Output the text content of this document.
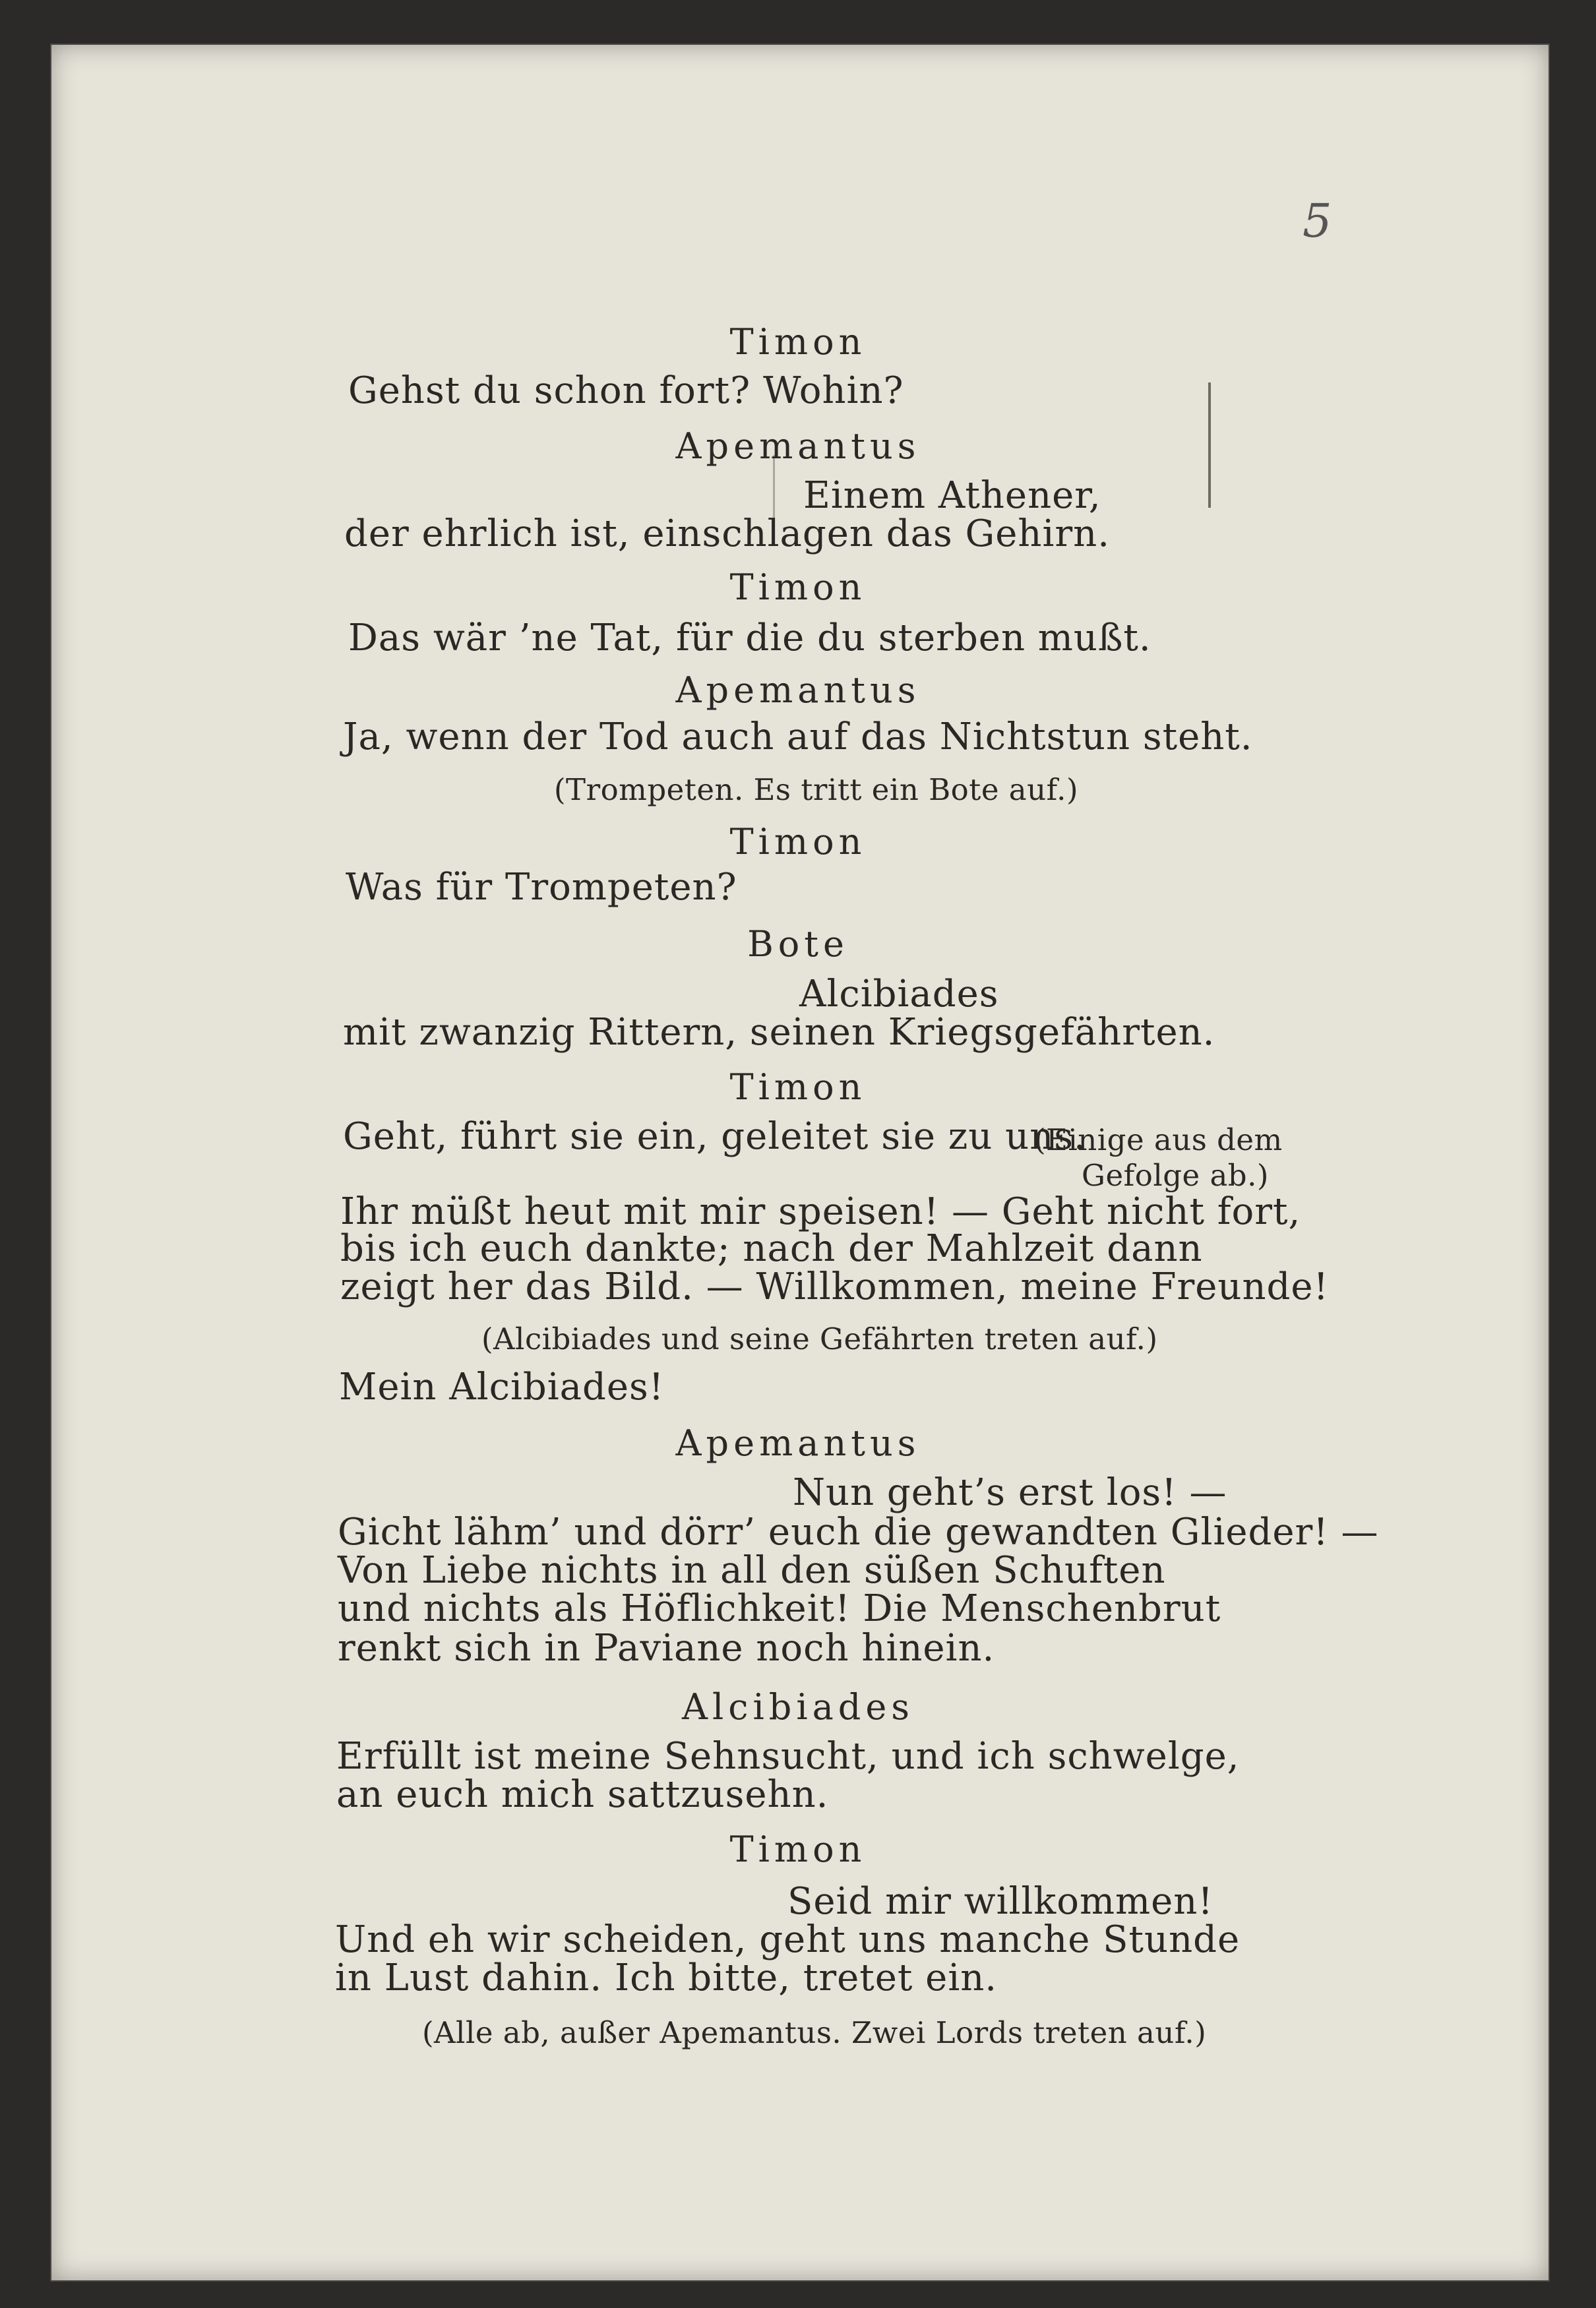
5

Timon

Gehst du schon fort? Wohin?

Apemantus

Einem Athener,

der ehrlich ist, einschlagen das Gehirn.

Timon

Das wär ’ne Tat, für die du sterben mußt.

Apemantus

Ja, wenn der Tod auch auf das Nichtstun steht.

(Trompeten. Es tritt ein Bote auf.)

Timon

Was für Trompeten?

Bote

Alcibiades

mit zwanzig Rittern, seinen Kriegsgefährten.

Timon

Geht, führt sie ein, geleitet sie zu uns.

(Einige aus dem

Gefolge ab.)

Ihr müßt heut mit mir speisen! — Geht nicht fort,

bis ich euch dankte; nach der Mahlzeit dann

zeigt her das Bild. — Willkommen, meine Freunde!

(Alcibiades und seine Gefährten treten auf.)

Mein Alcibiades!

Apemantus

Nun geht’s erst los! —

Gicht lähm’ und dörr’ euch die gewandten Glieder! —

Von Liebe nichts in all den süßen Schuften

und nichts als Höflichkeit! Die Menschenbrut

renkt sich in Paviane noch hinein.

Alcibiades

Erfüllt ist meine Sehnsucht, und ich schwelge,

an euch mich sattzusehn.

Timon

Seid mir willkommen!

Und eh wir scheiden, geht uns manche Stunde

in Lust dahin. Ich bitte, tretet ein.

(Alle ab, außer Apemantus. Zwei Lords treten auf.)
